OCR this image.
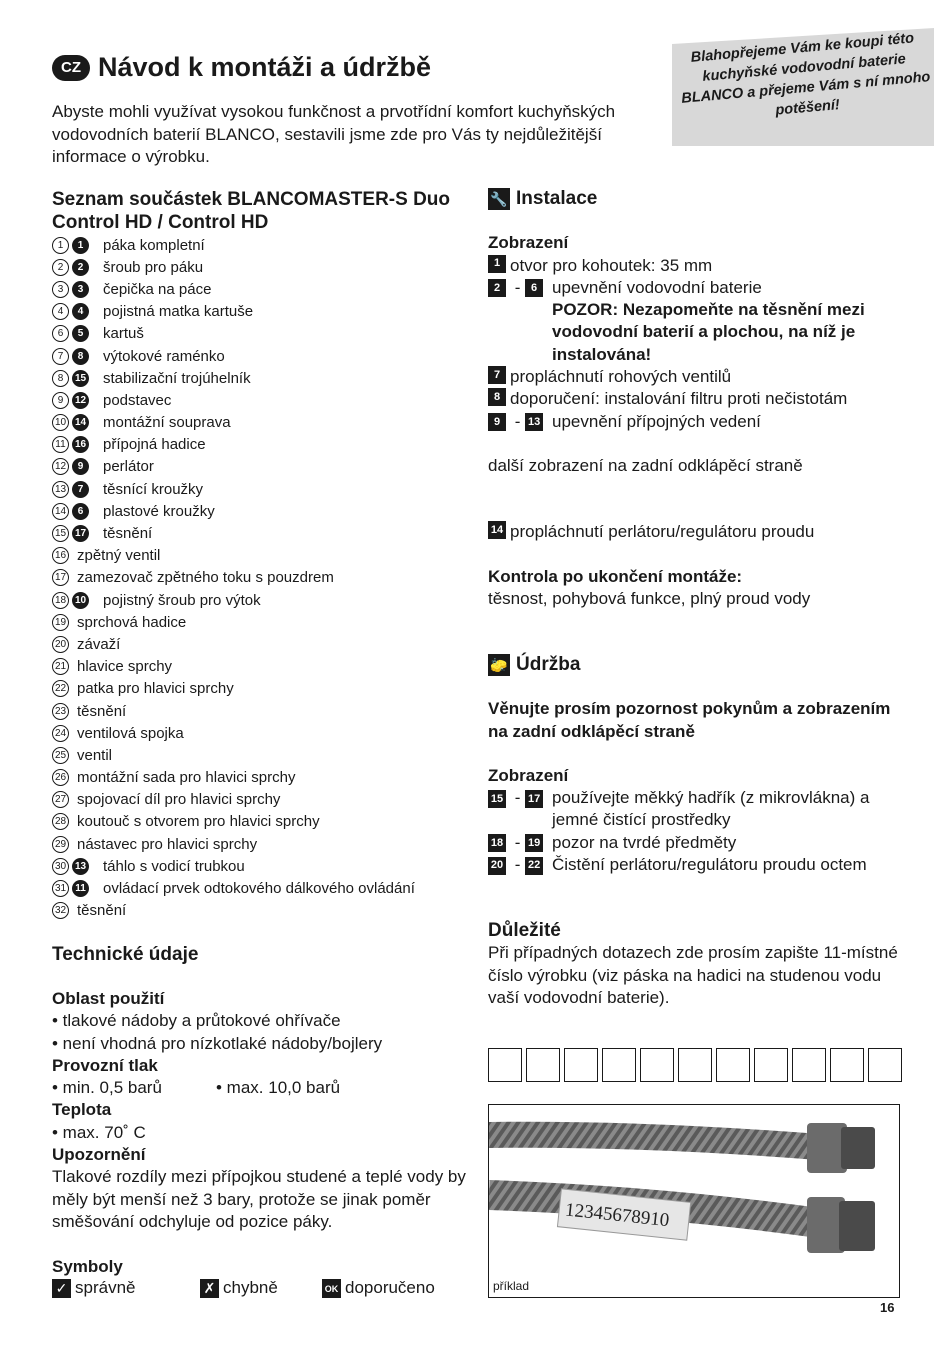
Blahopřejeme Vám ke koupi této kuchyňské vodovodní baterie BLANCO a přejeme Vám s ní mnoho potěšení!
CZ Návod k montáži a údržbě
Abyste mohli využívat vysokou funkčnost a prvotřídní komfort kuchyňských vodovodních baterií BLANCO, sestavili jsme zde pro Vás ty nejdůležitější informace o výrobku.
Seznam součástek BLANCOMASTER-S Duo Control HD / Control HD
1	1	páka kompletní
2	2	šroub pro páku
3	3	čepička na páce
4	4	pojistná matka kartuše
6	5	kartuš
7	8	výtokové raménko
8	15 stabilizační trojúhelník
9	12 podstavec
10 14 montážní souprava
11 16 přípojná hadice
12	9	perlátor
13	7	těsnící kroužky
14	6	plastové kroužky
15 17 těsnění
16 zpětný ventil
17 zamezovač zpětného toku s pouzdrem
18 10 pojistný šroub pro výtok
19 sprchová hadice
20 závaží
21 hlavice sprchy
22 patka pro hlavici sprchy
23 těsnění
24 ventilová spojka
25 ventil
26 montážní sada pro hlavici sprchy
27 spojovací díl pro hlavici sprchy
28 koutouč s otvorem pro hlavici sprchy
29 nástavec pro hlavici sprchy
30 13 táhlo s vodicí trubkou
31 11 ovládací prvek odtokového dálkového ovládání
32 těsnění
Technické údaje
Oblast použití
• tlakové nádoby a průtokové ohřívače
• není vhodná pro nízkotlaké nádoby/bojlery
Provozní tlak
• min. 0,5 barů	• max. 10,0 barů
Teplota
• max. 70˚ C
Upozornění
Tlakové rozdíly mezi přípojkou studené a teplé vody by měly být menší než 3 bary, protože se jinak poměr směšování odchyluje od pozice páky.
Symboly
✓ správně	✗ chybně	OK doporučeno
🔧 Instalace
Zobrazení
1 otvor pro kohoutek: 35 mm
2 - 6 upevnění vodovodní baterie
POZOR: Nezapomeňte na těsnění mezi vodovodní baterií a plochou, na níž je instalována!
7 propláchnutí rohových ventilů
8 doporučení: instalování filtru proti nečistotám
9 - 13 upevnění přípojných vedení
další zobrazení na zadní odklápěcí straně
14 propláchnutí perlátoru/regulátoru proudu
Kontrola po ukončení montáže:
těsnost, pohybová funkce, plný proud vody
🧽 Údržba
Věnujte prosím pozornost pokynům a zobrazením na zadní odklápěcí straně
Zobrazení
15 - 17 používejte měkký hadřík (z mikrovlákna) a jemné čistící prostředky
18 - 19 pozor na tvrdé předměty
20 - 22 Čistění perlátoru/regulátoru proudu octem
Důležité
Při případných dotazech zde prosím zapište 11-místné číslo výrobku (viz páska na hadici na studenou vodu vaší vodovodní baterie).
12345678910
příklad
16
